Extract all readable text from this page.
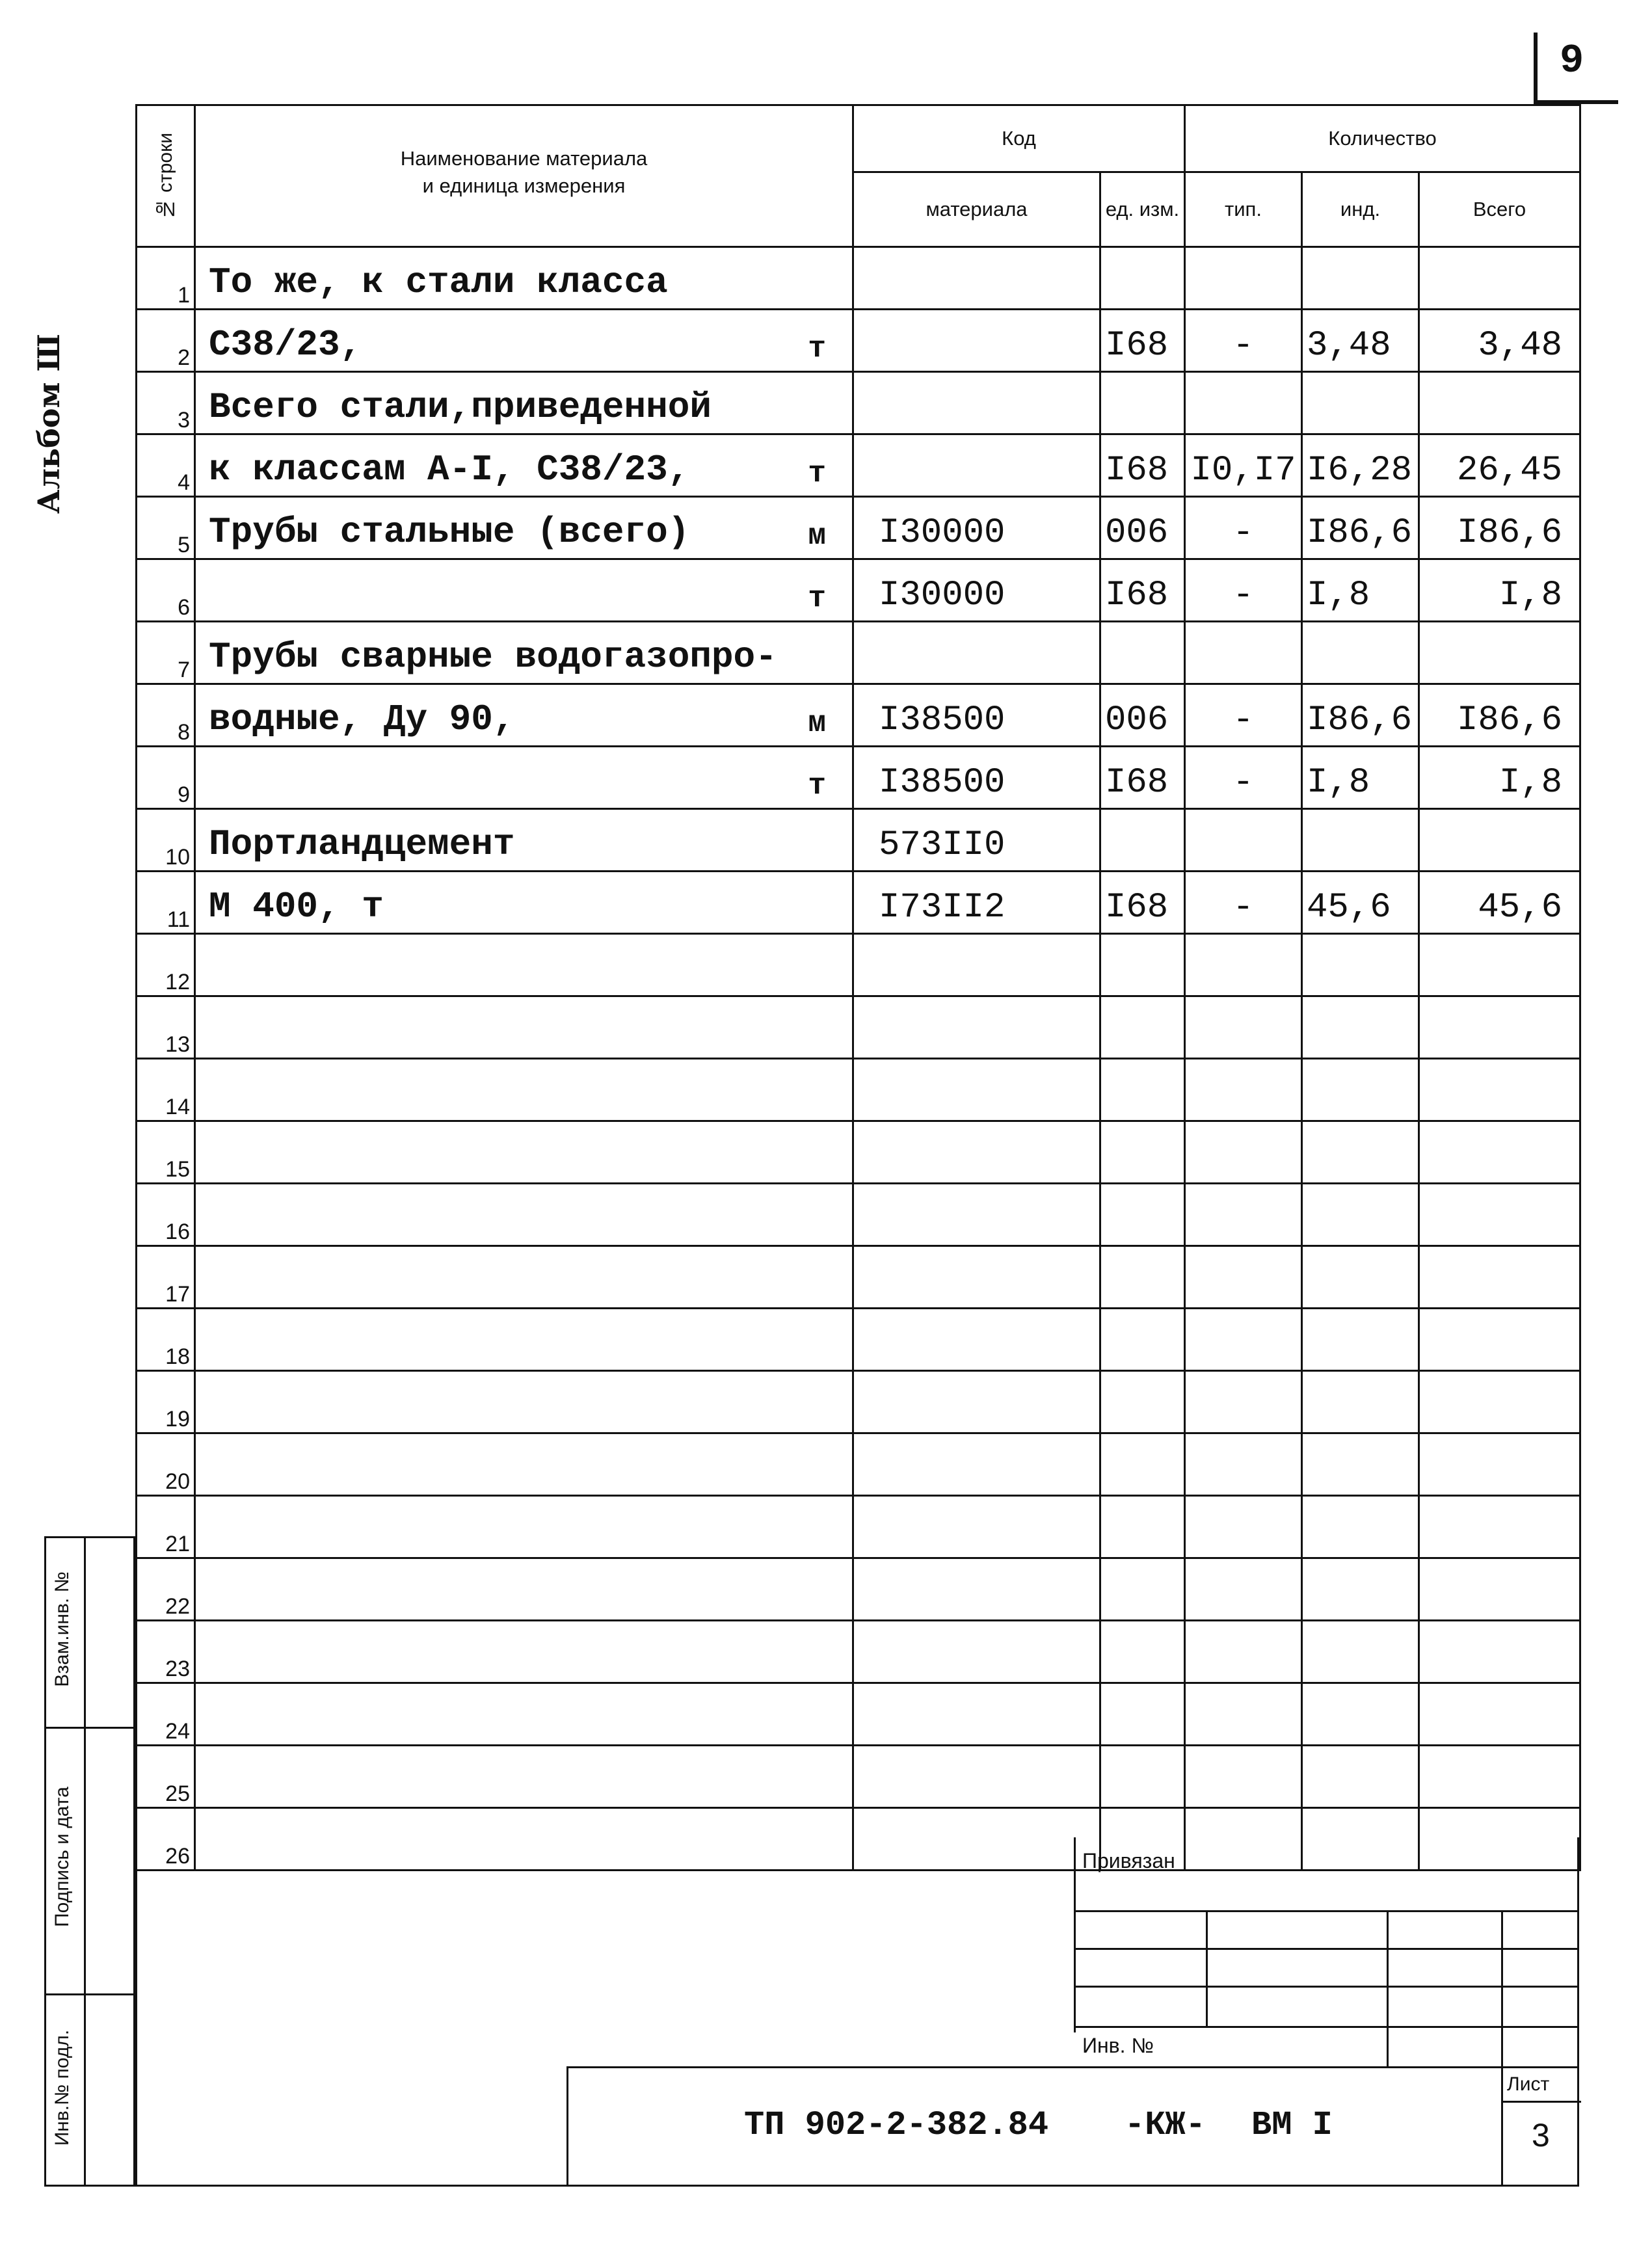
9
Альбом Ш
№ строки	Наименование материала
и единица измерения	Код		Количество		
		материала	ед. изм.	тип.	инд.	Всего
1	То же, к стали класса					

2	С38/23, т		I68	-	3,48	3,48

3	Всего стали,приведенной					

4	к классам А-I, С38/23, т		I68	I0,I7	I6,28	26,45

5	Трубы стальные (всего) м	I30000	006	-	I86,6	I86,6

6	т	I30000	I68	-	I,8	I,8

7	Трубы сварные водогазопро-					

8	водные, Ду 90, м	I38500	006	-	I86,6	I86,6

9	т	I38500	I68	-	I,8	I,8

10	Портландцемент	573II0				

11	М 400, т	I73II2	I68	-	45,6	45,6

12	

13	

14	

15	

16	

17	

18	

19	

20	

21	

22	

23	

24	

25	

26	

Взам.инв. №
Подпись и дата
Инв.№ подл.
Привязан
Инв. №
ТП 902-2-382.84 -КЖ- ВМ I
Лист
3
